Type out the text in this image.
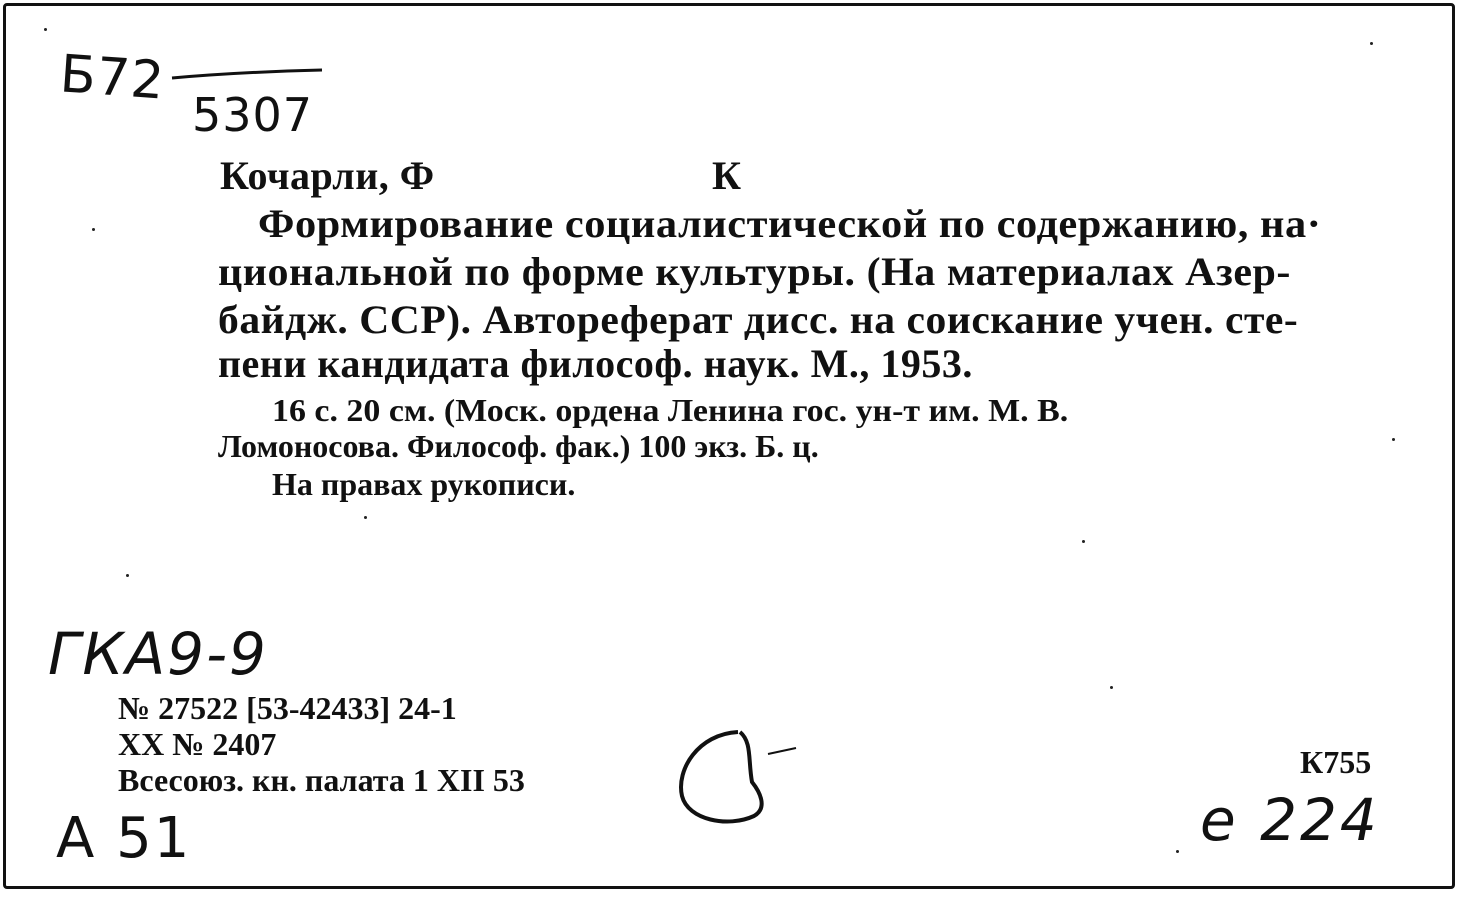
Б72
5307
Кочарли, Ф	К
Формирование социалистической по содержанию, на·
циональной по форме культуры. (На материалах Азер-
байдж. ССР). Автореферат дисс. на соискание учен. сте-
пени кандидата философ. наук. М., 1953.
16 с. 20 см. (Моск. ордена Ленина гос. ун-т им. М. В.
Ломоносова. Философ. фак.) 100 экз. Б. ц.
На правах рукописи.
ГКА9-9
№ 27522 [53-42433] 24-1
ХХ № 2407
Всесоюз. кн. палата 1 XII 53	К755
А 51	е 224
